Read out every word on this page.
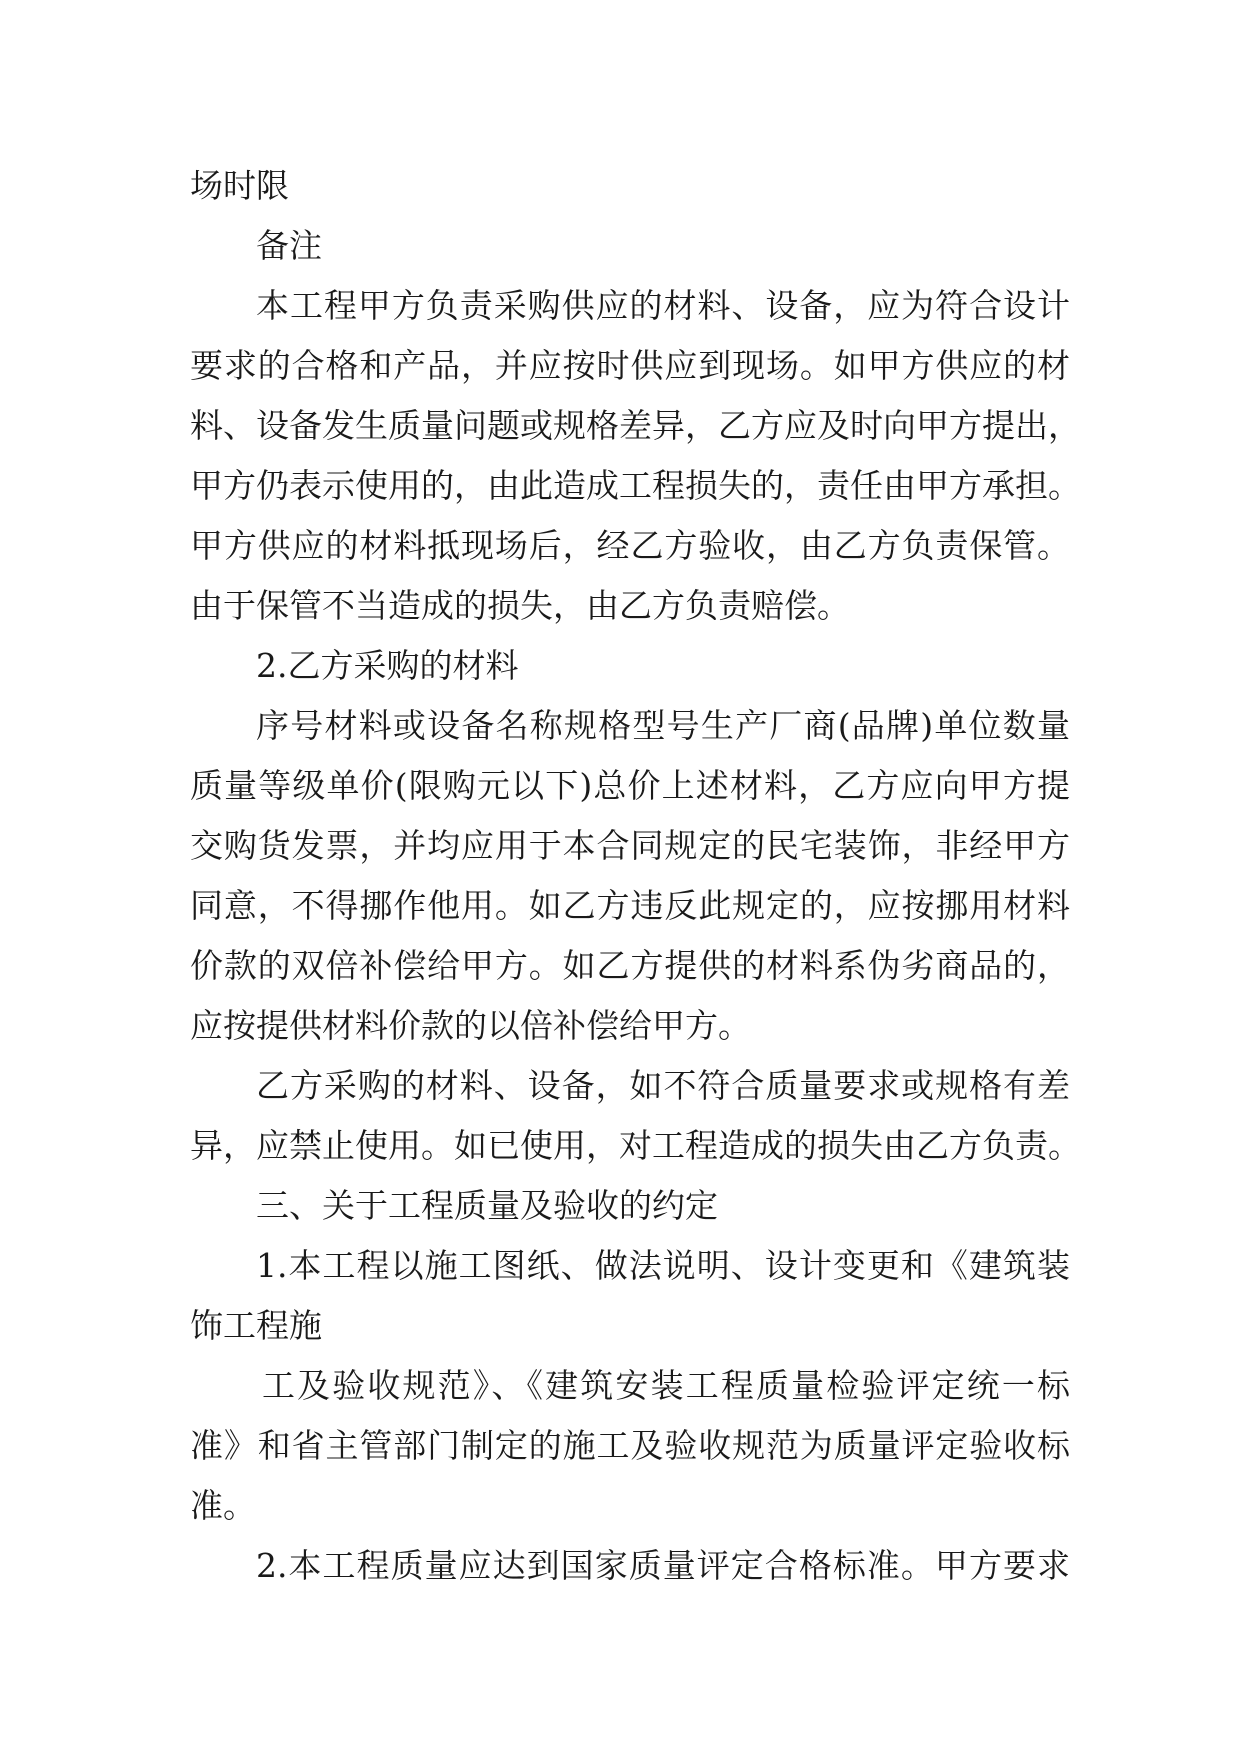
场时限
备注
本工程甲方负责采购供应的材料、设备，应为符合设计
要求的合格和产品，并应按时供应到现场。如甲方供应的材
料、设备发生质量问题或规格差异，乙方应及时向甲方提出，
甲方仍表示使用的，由此造成工程损失的，责任由甲方承担。
甲方供应的材料抵现场后，经乙方验收，由乙方负责保管。
由于保管不当造成的损失，由乙方负责赔偿。
2.乙方采购的材料
序号材料或设备名称规格型号生产厂商(品牌)单位数量
质量等级单价(限购元以下)总价上述材料，乙方应向甲方提
交购货发票，并均应用于本合同规定的民宅装饰，非经甲方
同意，不得挪作他用。如乙方违反此规定的，应按挪用材料
价款的双倍补偿给甲方。如乙方提供的材料系伪劣商品的，
应按提供材料价款的以倍补偿给甲方。
乙方采购的材料、设备，如不符合质量要求或规格有差
异，应禁止使用。如已使用，对工程造成的损失由乙方负责。
三、关于工程质量及验收的约定
1.本工程以施工图纸、做法说明、设计变更和《建筑装
饰工程施
工及验收规范》、《建筑安装工程质量检验评定统一标
准》和省主管部门制定的施工及验收规范为质量评定验收标
准。
2.本工程质量应达到国家质量评定合格标准。甲方要求
